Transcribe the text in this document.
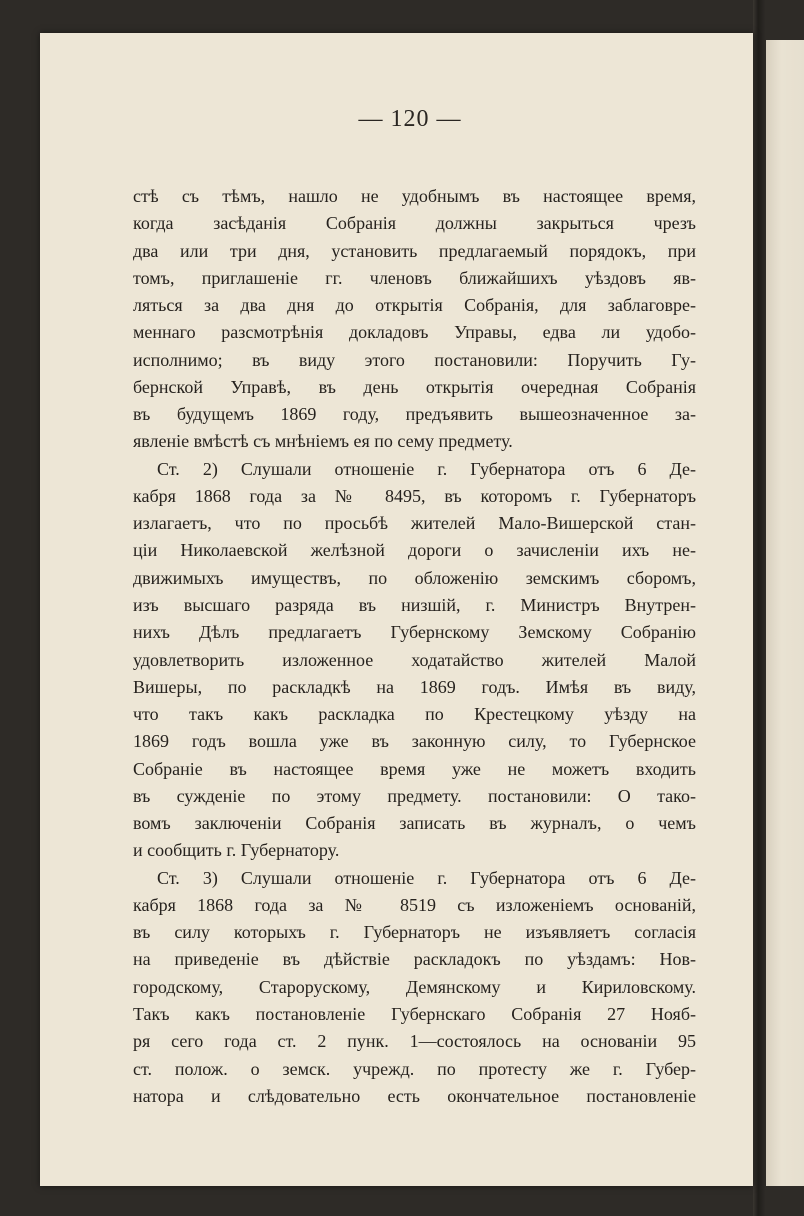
— 120 —
стѣ съ тѣмъ, нашло не удобнымъ въ настоящее время,
когда засѣданія Собранія должны закрыться чрезъ
два или три дня, установить предлагаемый порядокъ, при
томъ, приглашеніе гг. членовъ ближайшихъ уѣздовъ яв-
ляться за два дня до открытія Собранія, для заблаговре-
меннаго разсмотрѣнія докладовъ Управы, едва ли удобо-
исполнимо; въ виду этого постановили: Поручить Гу-
бернской Управѣ, въ день открытія очередная Собранія
въ будущемъ 1869 году, предъявить вышеозначенное за-
явленіе вмѣстѣ съ мнѣніемъ ея по сему предмету.
Ст. 2) Слушали отношеніе г. Губернатора отъ 6 Де-
кабря 1868 года за № 8495, въ которомъ г. Губернаторъ
излагаетъ, что по просьбѣ жителей Мало-Вишерской стан-
ціи Николаевской желѣзной дороги о зачисленіи ихъ не-
движимыхъ имуществъ, по обложенію земскимъ сборомъ,
изъ высшаго разряда въ низшій, г. Министръ Внутрен-
нихъ Дѣлъ предлагаетъ Губернскому Земскому Собранію
удовлетворить изложенное ходатайство жителей Малой
Вишеры, по раскладкѣ на 1869 годъ. Имѣя въ виду,
что такъ какъ раскладка по Крестецкому уѣзду на
1869 годъ вошла уже въ законную силу, то Губернское
Собраніе въ настоящее время уже не можетъ входить
въ сужденіе по этому предмету. постановили: О тако-
вомъ заключеніи Собранія записать въ журналъ, о чемъ
и сообщить г. Губернатору.
Ст. 3) Слушали отношеніе г. Губернатора отъ 6 Де-
кабря 1868 года за № 8519 съ изложеніемъ основаній,
въ силу которыхъ г. Губернаторъ не изъявляетъ согласія
на приведеніе въ дѣйствіе раскладокъ по уѣздамъ: Нов-
городскому, Старорускому, Демянскому и Кириловскому.
Такъ какъ постановленіе Губернскаго Собранія 27 Нояб-
ря сего года ст. 2 пунк. 1—состоялось на основаніи 95
ст. полож. о земск. учрежд. по протесту же г. Губер-
натора и слѣдовательно есть окончательное постановленіе
